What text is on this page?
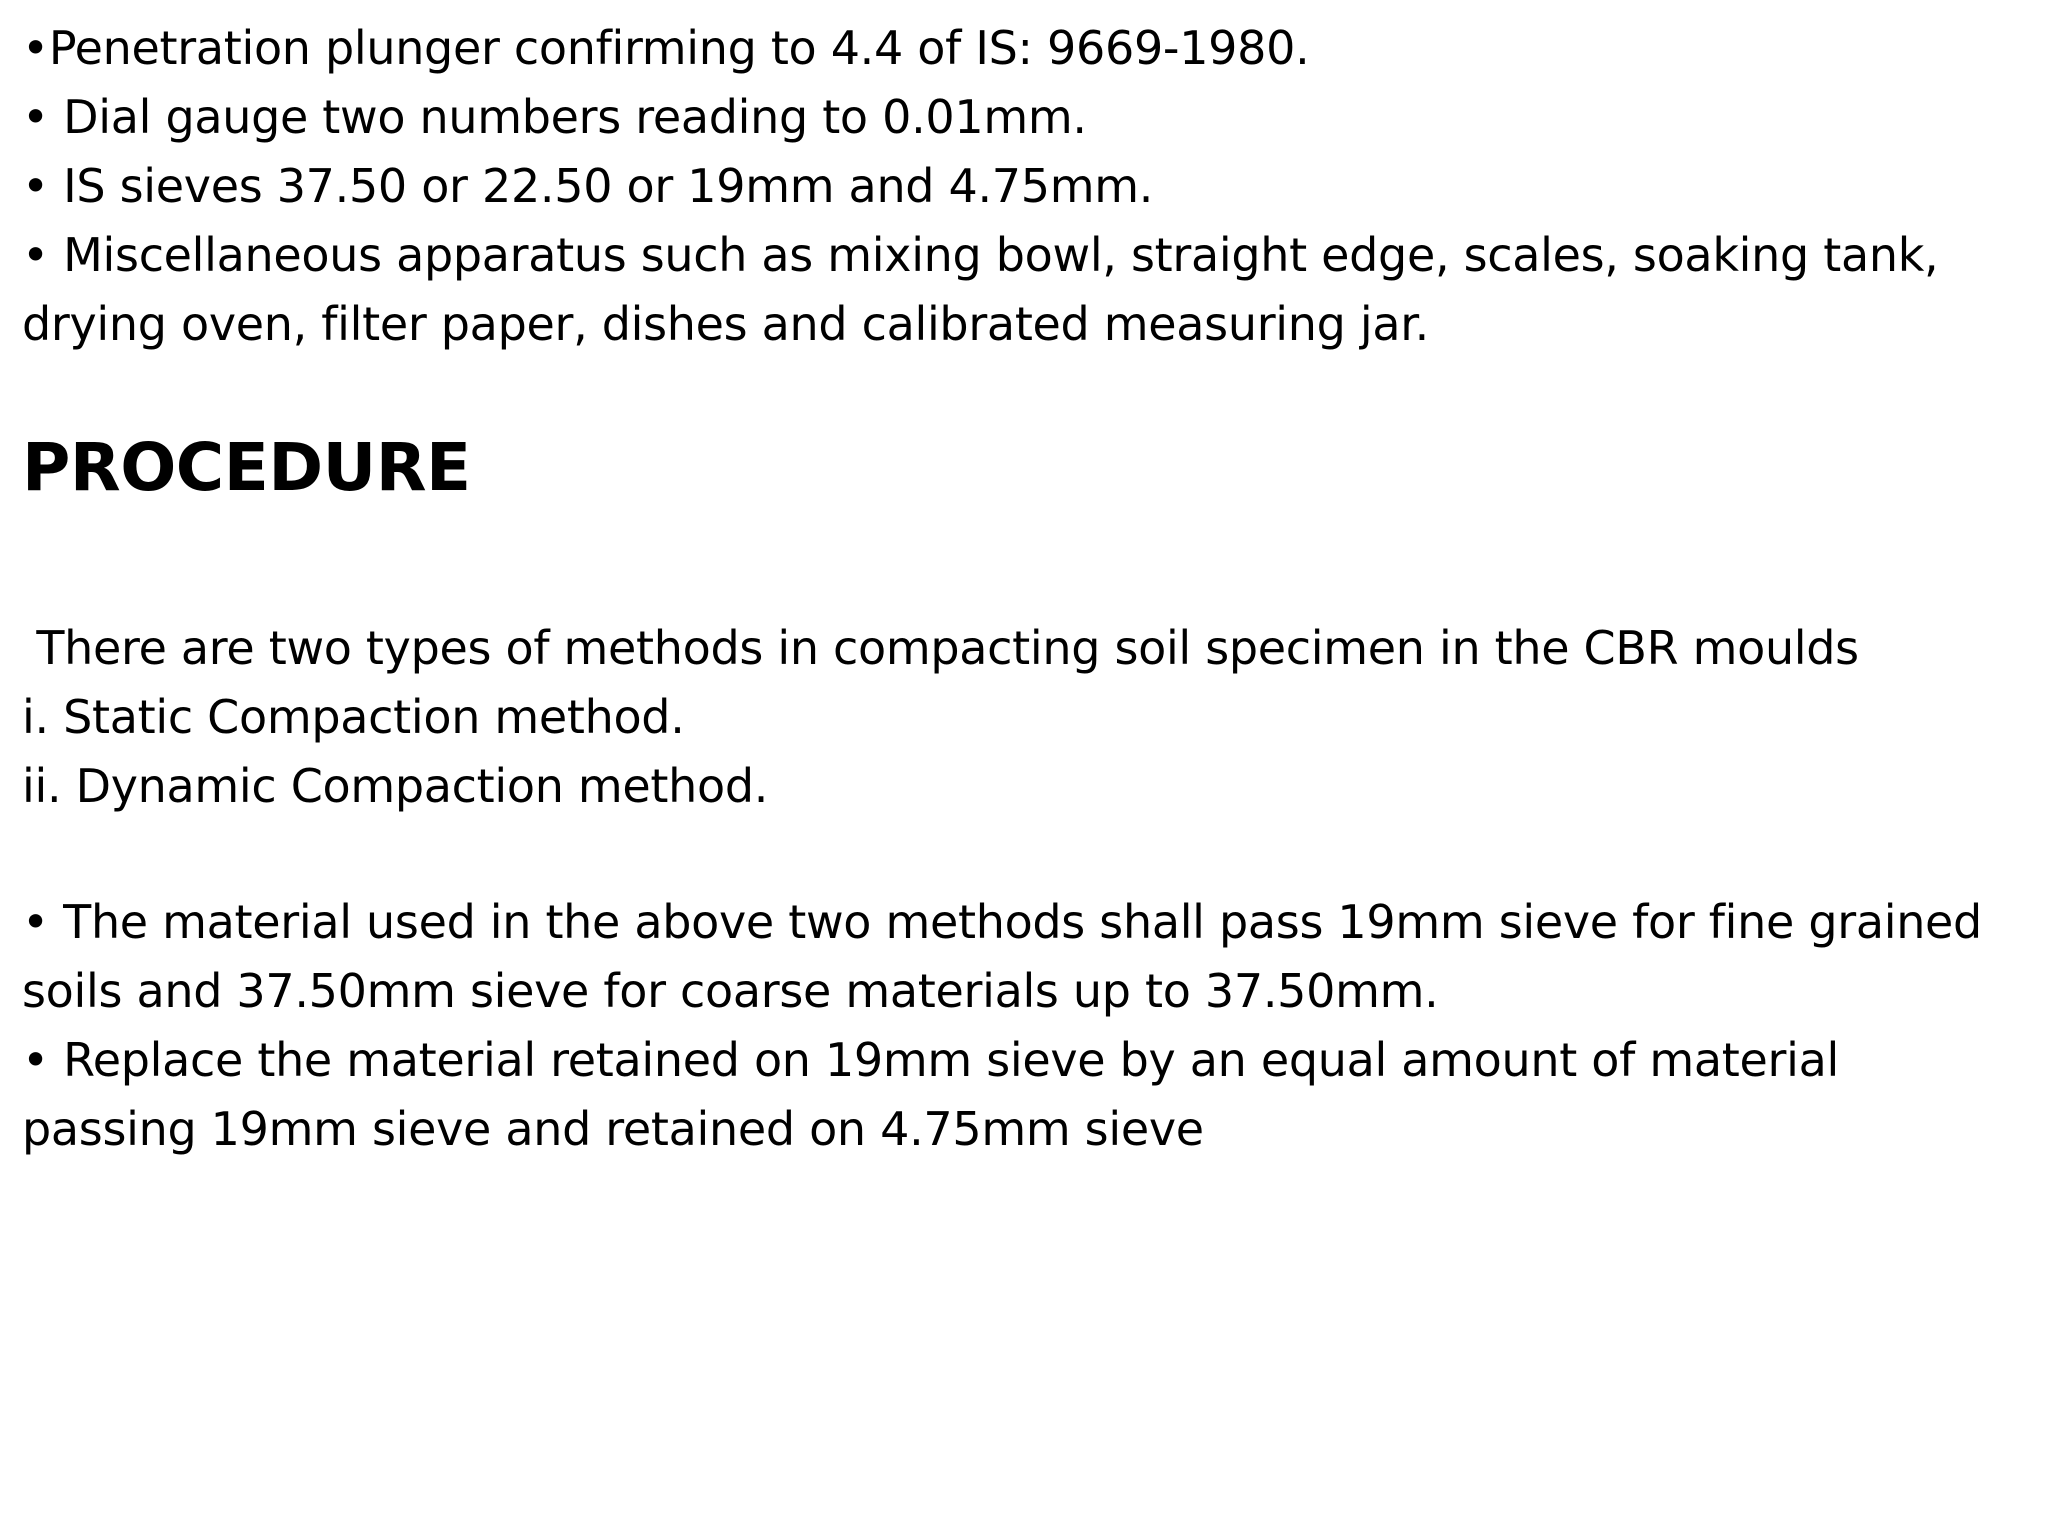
•Penetration plunger confirming to 4.4 of IS: 9669-1980.
• Dial gauge two numbers reading to 0.01mm.
• IS sieves 37.50 or 22.50 or 19mm and 4.75mm.
• Miscellaneous apparatus such as mixing bowl, straight edge, scales, soaking tank,
drying oven, filter paper, dishes and calibrated measuring jar.
PROCEDURE
There are two types of methods in compacting soil specimen in the CBR moulds
i. Static Compaction method.
ii. Dynamic Compaction method.
• The material used in the above two methods shall pass 19mm sieve for fine grained
soils and 37.50mm sieve for coarse materials up to 37.50mm.
• Replace the material retained on 19mm sieve by an equal amount of material
passing 19mm sieve and retained on 4.75mm sieve
